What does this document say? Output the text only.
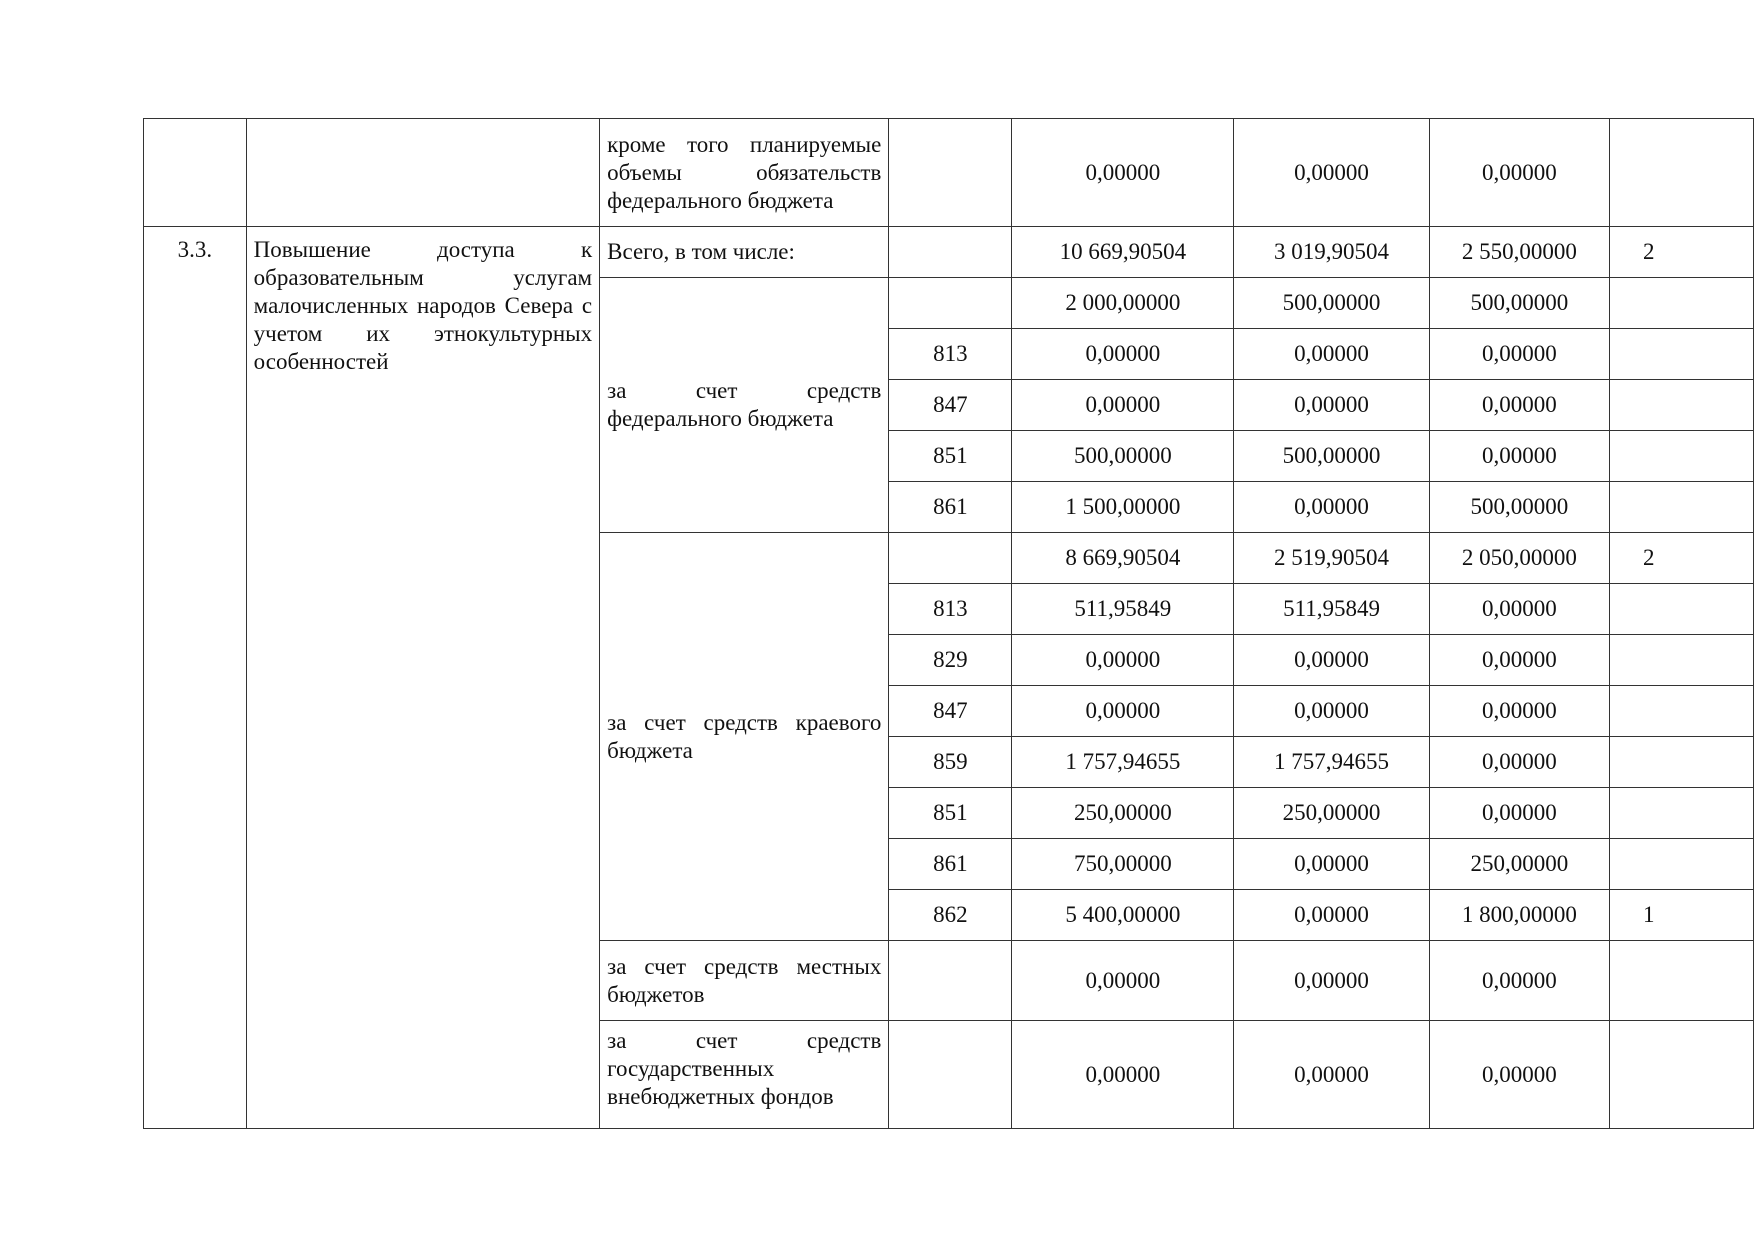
		кроме того планируемые объемы обязательств федерального бюджета		0,00000	0,00000	0,00000	
3.3.	Повышение доступа к образовательным услугам малочисленных народов Севера с учетом их этнокультурных особенностей	Всего, в том числе:		10 669,90504	3 019,90504	2 550,00000	2
		за счет средств федерального бюджета		2 000,00000	500,00000	500,00000	
			813	0,00000	0,00000	0,00000	
			847	0,00000	0,00000	0,00000	
			851	500,00000	500,00000	0,00000	
			861	1 500,00000	0,00000	500,00000	
		за счет средств краевого бюджета		8 669,90504	2 519,90504	2 050,00000	2
			813	511,95849	511,95849	0,00000	
			829	0,00000	0,00000	0,00000	
			847	0,00000	0,00000	0,00000	
			859	1 757,94655	1 757,94655	0,00000	
			851	250,00000	250,00000	0,00000	
			861	750,00000	0,00000	250,00000	
			862	5 400,00000	0,00000	1 800,00000	1
		за счет средств местных бюджетов		0,00000	0,00000	0,00000	
		за счет средств государственных внебюджетных фондов		0,00000	0,00000	0,00000	
